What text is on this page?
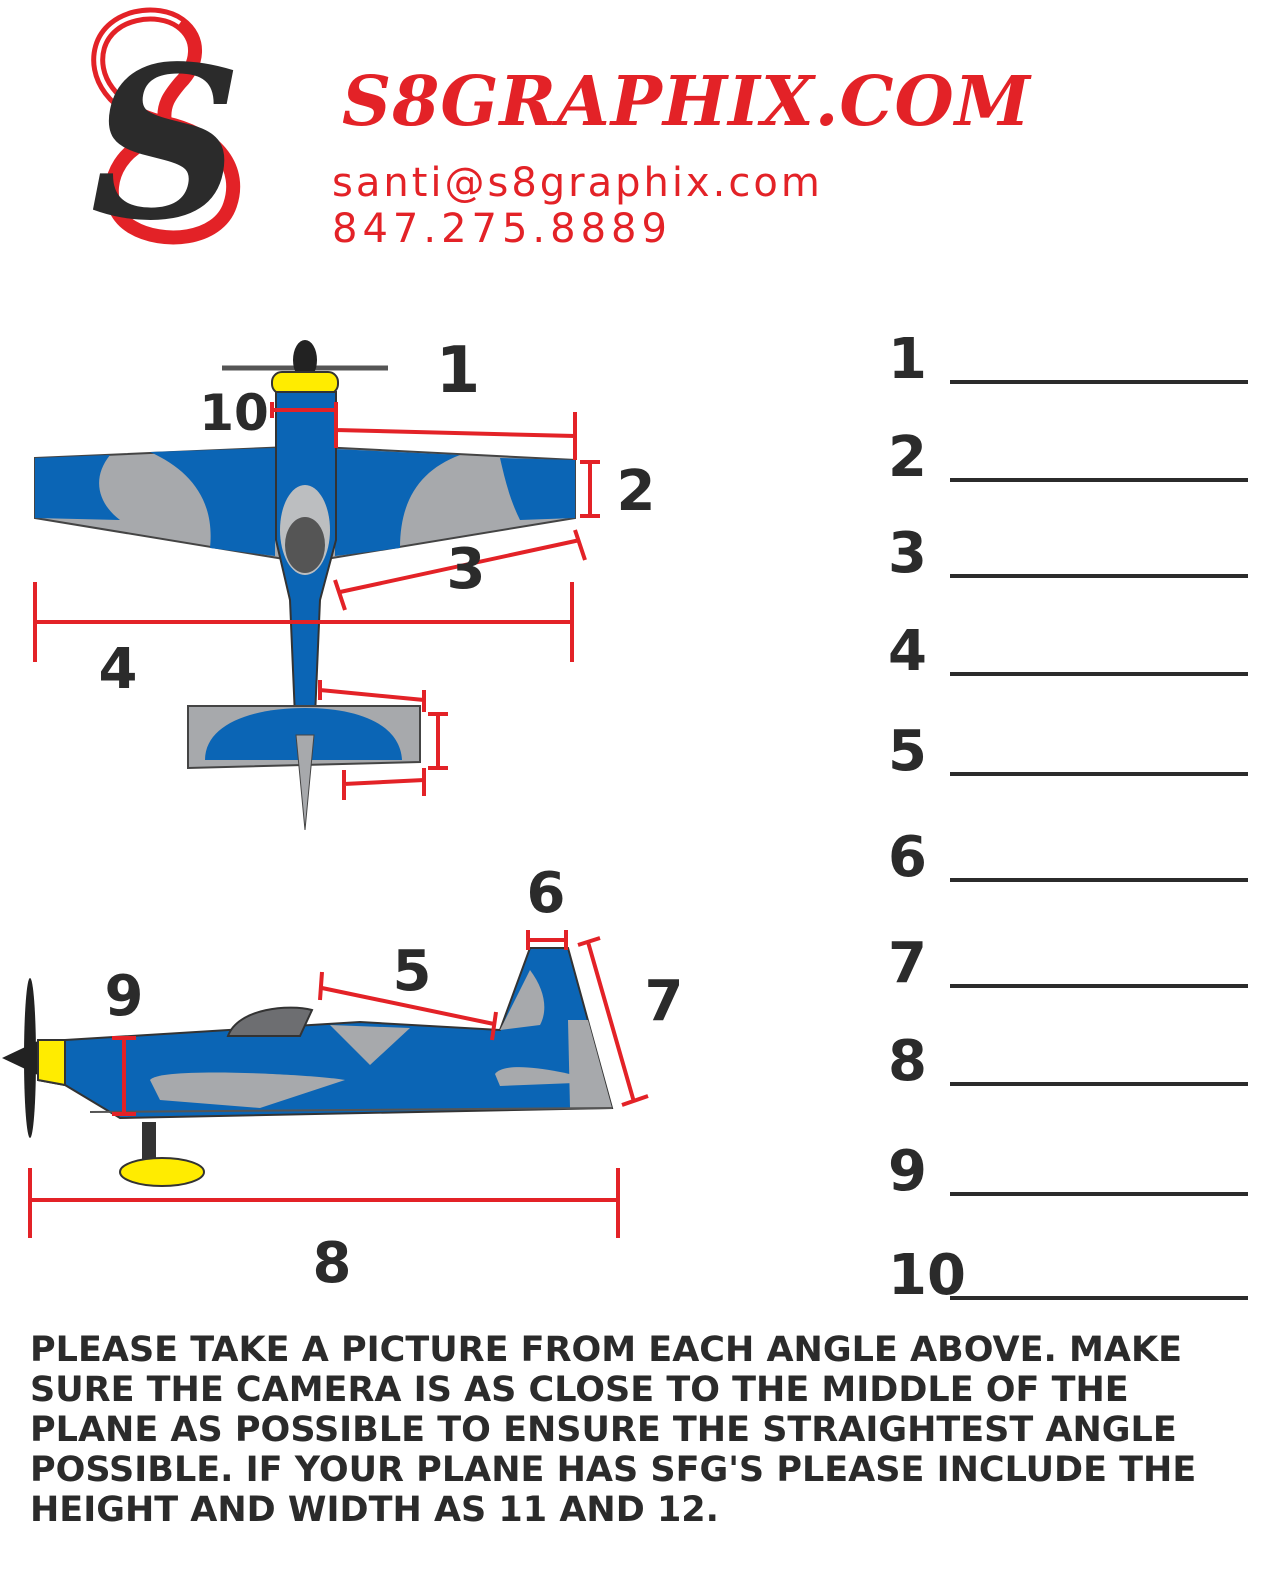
S S8GRAPHIX.COM
santi@s8graphix.com
847.275.8889
1
10
2
3
4
6
5	7
9
8
1
2
3
4
5
6
7
8
9
10

PLEASE TAKE A PICTURE FROM EACH ANGLE ABOVE. MAKE SURE THE CAMERA IS AS CLOSE TO THE MIDDLE OF THE PLANE AS POSSIBLE TO ENSURE THE STRAIGHTEST ANGLE POSSIBLE. IF YOUR PLANE HAS SFG'S PLEASE INCLUDE THE HEIGHT AND WIDTH AS 11 AND 12.
